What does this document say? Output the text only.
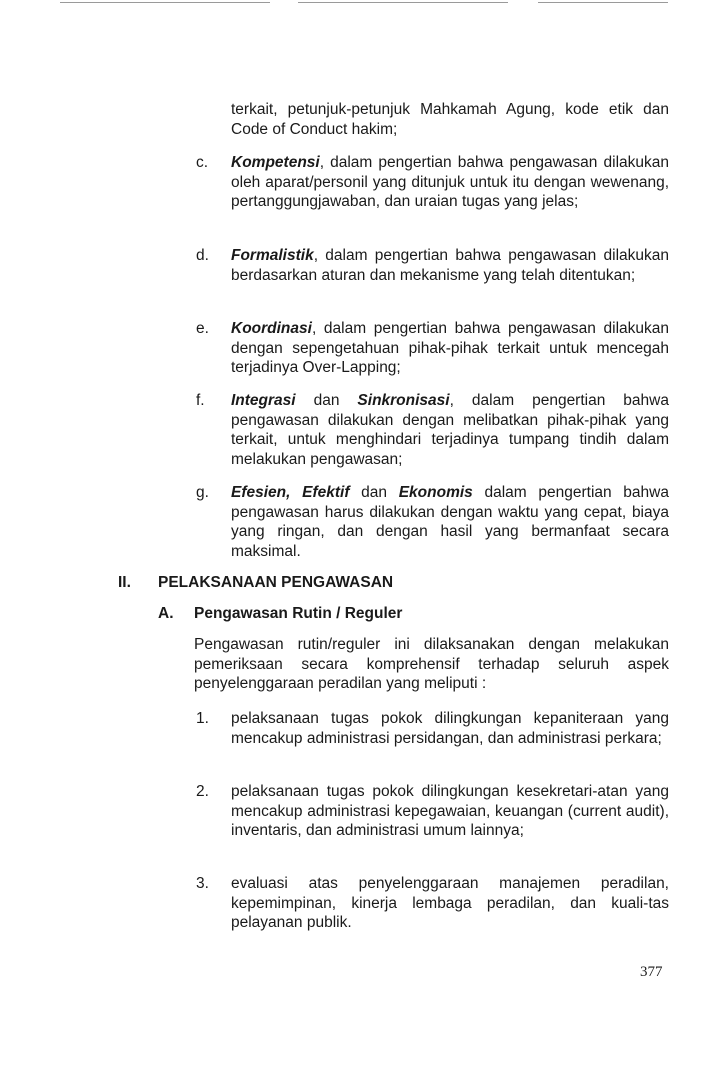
terkait, petunjuk-petunjuk Mahkamah Agung, kode etik dan Code of Conduct hakim;

c. Kompetensi, dalam pengertian bahwa pengawasan dilakukan oleh aparat/personil yang ditunjuk untuk itu dengan wewenang, pertanggungjawaban, dan uraian tugas yang jelas;

d. Formalistik, dalam pengertian bahwa pengawasan dilakukan berdasarkan aturan dan mekanisme yang telah ditentukan;

e. Koordinasi, dalam pengertian bahwa pengawasan dilakukan dengan sepengetahuan pihak-pihak terkait untuk mencegah terjadinya Over-Lapping;

f. Integrasi dan Sinkronisasi, dalam pengertian bahwa pengawasan dilakukan dengan melibatkan pihak-pihak yang terkait, untuk menghindari terjadinya tumpang tindih dalam melakukan pengawasan;

g. Efesien, Efektif dan Ekonomis dalam pengertian bahwa pengawasan harus dilakukan dengan waktu yang cepat, biaya yang ringan, dan dengan hasil yang bermanfaat secara maksimal.

II. PELAKSANAAN PENGAWASAN
A. Pengawasan Rutin / Reguler

Pengawasan rutin/reguler ini dilaksanakan dengan melakukan pemeriksaan secara komprehensif terhadap seluruh aspek penyelenggaraan peradilan yang meliputi :

1. pelaksanaan tugas pokok dilingkungan kepaniteraan yang mencakup administrasi persidangan, dan administrasi perkara;

2. pelaksanaan tugas pokok dilingkungan kesekretari-atan yang mencakup administrasi kepegawaian, keuangan (current audit), inventaris, dan administrasi umum lainnya;

3. evaluasi atas penyelenggaraan manajemen peradilan, kepemimpinan, kinerja lembaga peradilan, dan kuali-tas pelayanan publik.

377
